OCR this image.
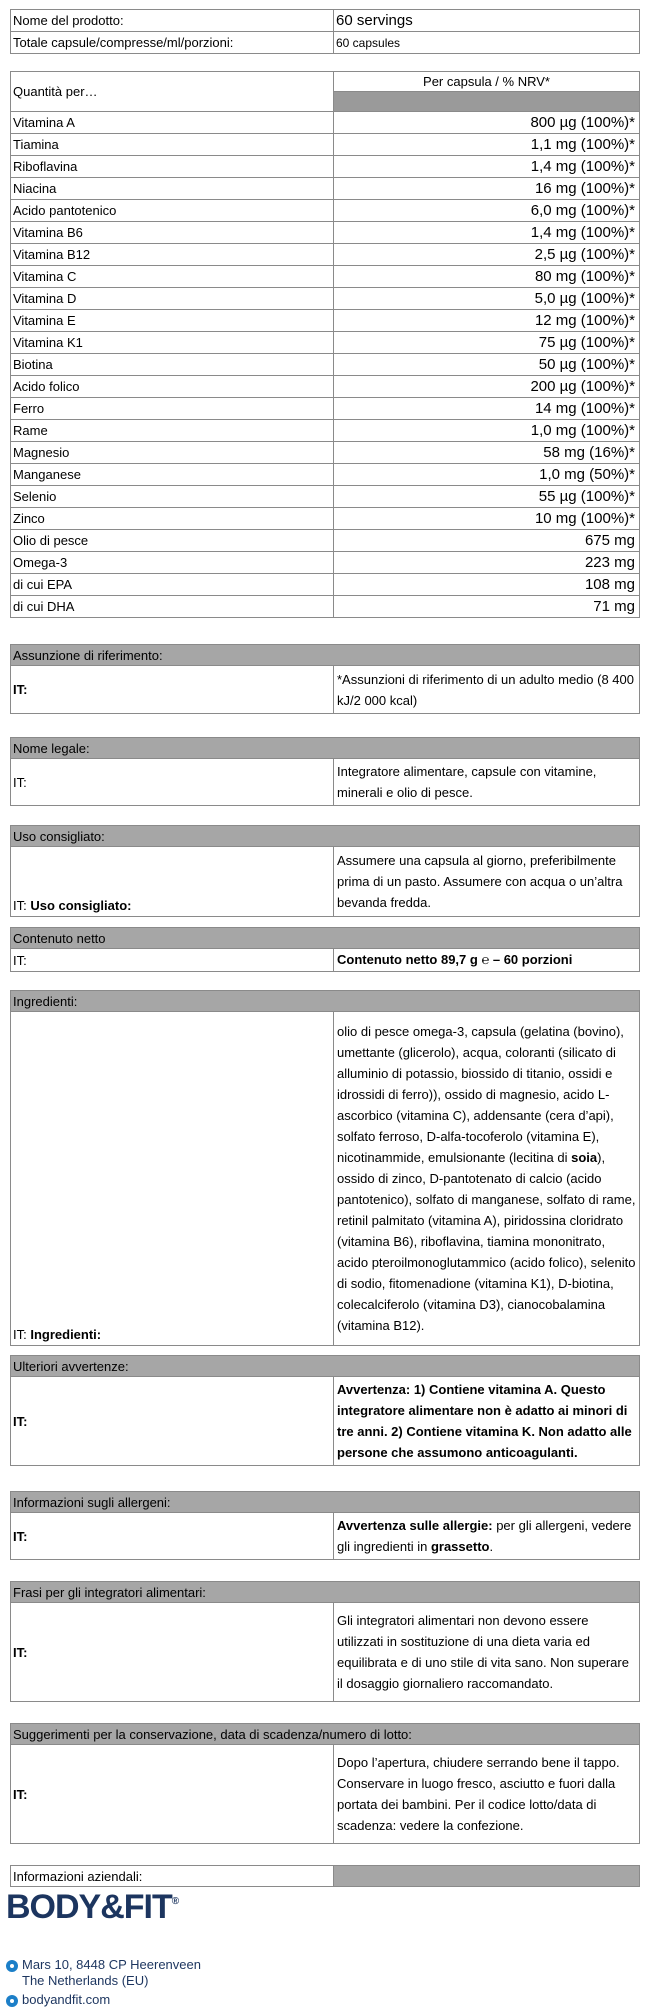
Nome del prodotto:	60 servings
Totale capsule/compresse/ml/porzioni:	60 capsules
Quantità per…	Per capsula / % NRV*

Vitamina A	800 µg (100%)*
Tiamina	1,1 mg (100%)*
Riboflavina	1,4 mg (100%)*
Niacina	16 mg (100%)*
Acido pantotenico	6,0 mg (100%)*
Vitamina B6	1,4 mg (100%)*
Vitamina B12	2,5 µg (100%)*
Vitamina C	80 mg (100%)*
Vitamina D	5,0 µg (100%)*
Vitamina E	12 mg (100%)*
Vitamina K1	75 µg (100%)*
Biotina	50 µg (100%)*
Acido folico	200 µg (100%)*
Ferro	14 mg (100%)*
Rame	1,0 mg (100%)*
Magnesio	58 mg (16%)*
Manganese	1,0 mg (50%)*
Selenio	55 µg (100%)*
Zinco	10 mg (100%)*
Olio di pesce	675 mg
Omega-3	223 mg
di cui EPA	108 mg
di cui DHA	71 mg
Assunzione di riferimento:
IT:	*Assunzioni di riferimento di un adulto medio (8 400 kJ/2 000 kcal)
Nome legale:
IT:	Integratore alimentare, capsule con vitamine, minerali e olio di pesce.
Uso consigliato:
IT: Uso consigliato:	Assumere una capsula al giorno, preferibilmente prima di un pasto. Assumere con acqua o un’altra bevanda fredda.
Contenuto netto
IT:	Contenuto netto 89,7 g ℮ – 60 porzioni
Ingredienti:
IT: Ingredienti:	olio di pesce omega-3, capsula (gelatina (bovino), umettante (glicerolo), acqua, coloranti (silicato di alluminio di potassio, biossido di titanio, ossidi e idrossidi di ferro)), ossido di magnesio, acido L-ascorbico (vitamina C), addensante (cera d’api), solfato ferroso, D-alfa-tocoferolo (vitamina E), nicotinammide, emulsionante (lecitina di soia), ossido di zinco, D-pantotenato di calcio (acido pantotenico), solfato di manganese, solfato di rame, retinil palmitato (vitamina A), piridossina cloridrato (vitamina B6), riboflavina, tiamina mononitrato, acido pteroilmonoglutammico (acido folico), selenito di sodio, fitomenadione (vitamina K1), D-biotina, colecalciferolo (vitamina D3), cianocobalamina (vitamina B12).
Ulteriori avvertenze:
IT:	Avvertenza: 1) Contiene vitamina A. Questo integratore alimentare non è adatto ai minori di tre anni. 2) Contiene vitamina K. Non adatto alle persone che assumono anticoagulanti.
Informazioni sugli allergeni:
IT:	Avvertenza sulle allergie: per gli allergeni, vedere gli ingredienti in grassetto.
Frasi per gli integratori alimentari:
IT:	Gli integratori alimentari non devono essere utilizzati in sostituzione di una dieta varia ed equilibrata e di uno stile di vita sano. Non superare il dosaggio giornaliero raccomandato.
Suggerimenti per la conservazione, data di scadenza/numero di lotto:
IT:	Dopo l’apertura, chiudere serrando bene il tappo. Conservare in luogo fresco, asciutto e fuori dalla portata dei bambini. Per il codice lotto/data di scadenza: vedere la confezione.
Informazioni aziendali:	
BODY&FIT®
Mars 10, 8448 CP Heerenveen
The Netherlands (EU)
bodyandfit.com
